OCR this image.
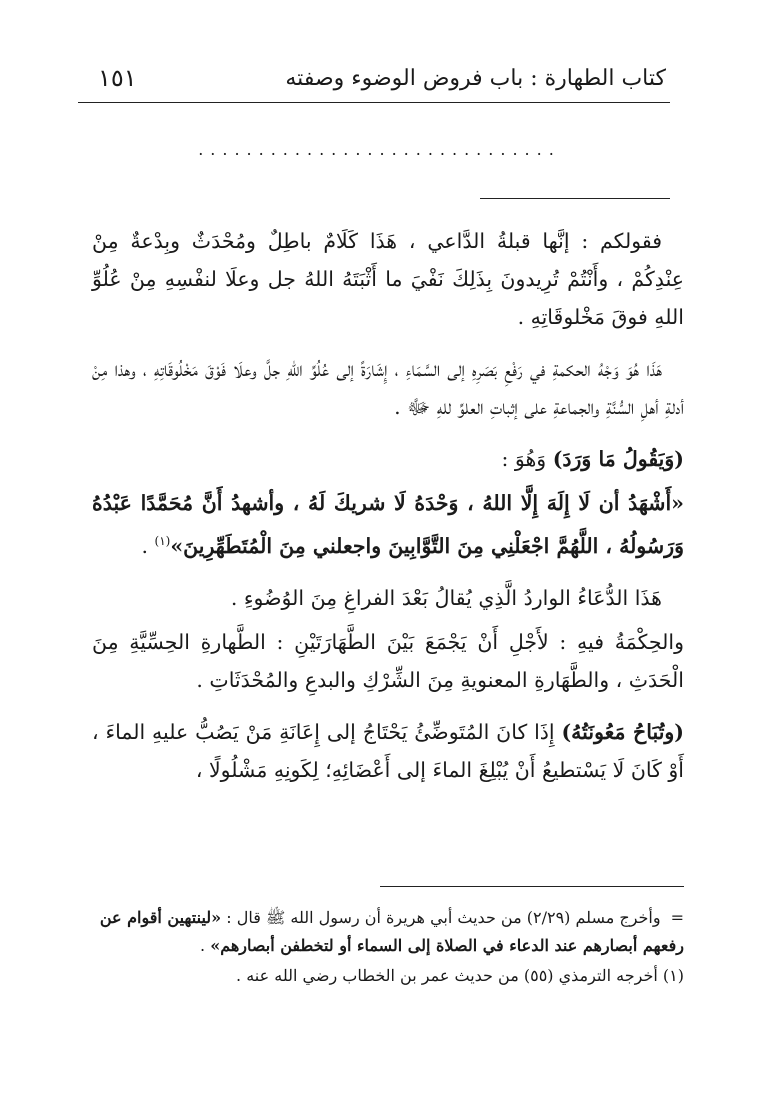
كتاب الطهارة : باب فروض الوضوء وصفته
١٥١
..............................

فقولكم : إنَّها قبلةُ الدَّاعي ، هَذَا كَلَامٌ باطِلٌ ومُحْدَثٌ وبِدْعةٌ مِنْ عِنْدِكُمْ ، وأَنْتُمْ تُرِيدونَ بِذَلِكَ نَفْيَ ما أَثْبَتَهُ اللهُ جل وعلَا لنفْسِهِ مِنْ عُلُوِّ اللهِ فوقَ مَخْلوقَاتِهِ .

هَذَا هُوَ وَجْهُ الحكمةِ في رَفْعِ بَصَرِهِ إلى السَّمَاءِ ، إِشَارَةً إلى عُلُوِّ اللهِ جلَّ وعلَا فَوْقَ مَخْلُوقَاتِهِ ، وهذا مِنْ أدلةِ أهلِ السُّنَّةِ والجماعةِ على إثباتِ العلوِّ للهِ ﷻ .

(وَيَقُولُ مَا وَرَدَ) وَهُوَ :

«أَشْهَدُ أن لَا إِلَهَ إِلَّا اللهُ ، وَحْدَهُ لَا شريكَ لَهُ ، وأشهدُ أَنَّ مُحَمَّدًا عَبْدُهُ وَرَسُولُهُ ، اللَّهُمَّ اجْعَلْنِي مِنَ التَّوَّابِينَ واجعلني مِنَ الْمُتَطَهِّرِينَ»$^{(١)}$ .

هَذَا الدُّعَاءُ الواردُ الَّذِي يُقالُ بَعْدَ الفراغِ مِنَ الوُضُوءِ .

والحِكْمَةُ فيهِ : لأَجْلِ أَنْ يَجْمَعَ بَيْنَ الطَّهَارَتَيْنِ : الطَّهارةِ الحِسِّيَّةِ مِنَ الْحَدَثِ ، والطَّهَارةِ المعنويةِ مِنَ الشِّرْكِ والبدعِ والمُحْدَثَاتِ .

(وتُبَاحُ مَعُونَتُهُ) إِذَا كانَ المُتَوضِّئُ يَحْتَاجُ إلى إِعَانَةِ مَنْ يَصُبُّ عليهِ الماءَ ، أَوْ كَانَ لَا يَسْتطيعُ أَنْ يُبْلِغَ الماءَ إلى أَعْضَائِهِ؛ لِكَونِهِ مَشْلُولًا ،

=وأخرج مسلم (٢/٢٩) من حديث أبي هريرة أن رسول الله ﷺ قال : «لينتهين أقوام عن رفعهم أبصارهم عند الدعاء في الصلاة إلى السماء أو لتخطفن أبصارهم» .

(١) أخرجه الترمذي (٥٥) من حديث عمر بن الخطاب رضي الله عنه .
